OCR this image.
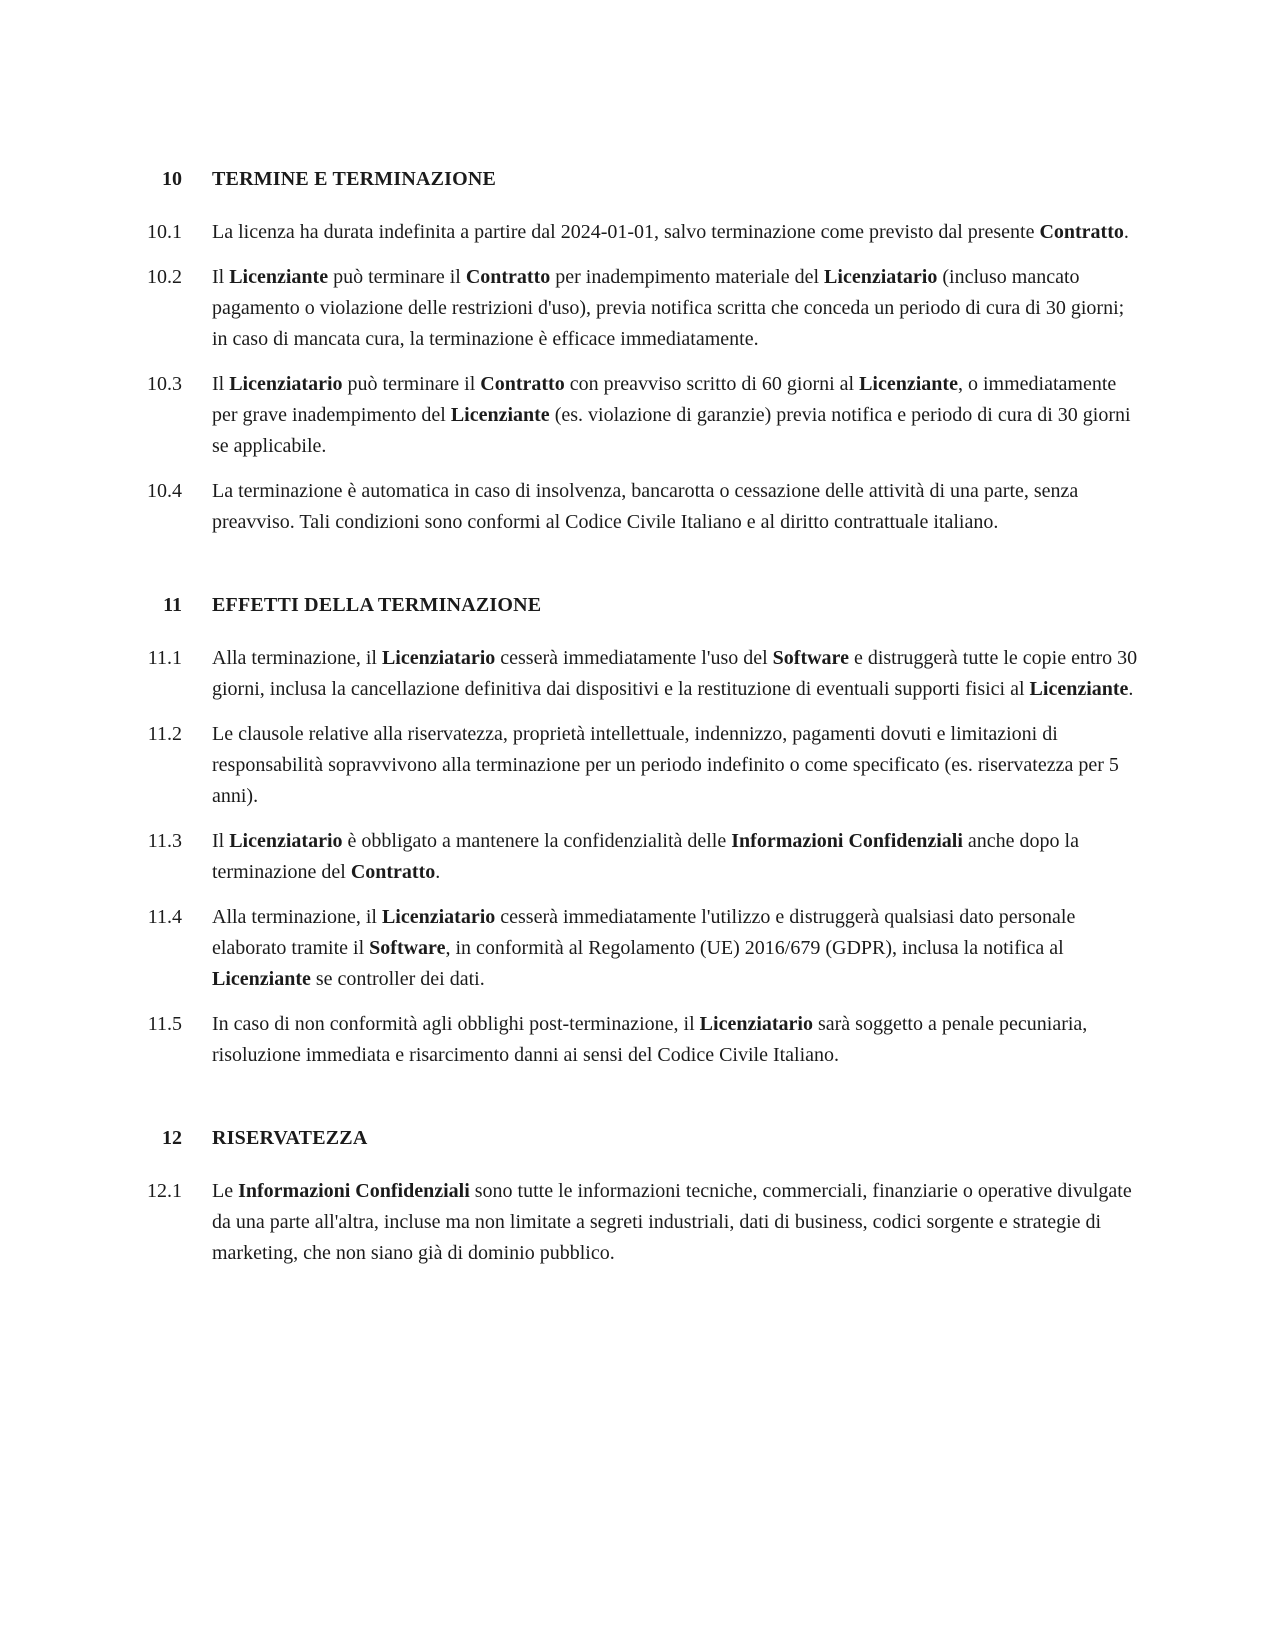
10 TERMINE E TERMINAZIONE
10.1 La licenza ha durata indefinita a partire dal 2024-01-01, salvo terminazione come previsto dal presente Contratto.

10.2 Il Licenziante può terminare il Contratto per inadempimento materiale del Licenziatario (incluso mancato pagamento o violazione delle restrizioni d'uso), previa notifica scritta che conceda un periodo di cura di 30 giorni; in caso di mancata cura, la terminazione è efficace immediatamente.

10.3 Il Licenziatario può terminare il Contratto con preavviso scritto di 60 giorni al Licenziante, o immediatamente per grave inadempimento del Licenziante (es. violazione di garanzie) previa notifica e periodo di cura di 30 giorni se applicabile.

10.4 La terminazione è automatica in caso di insolvenza, bancarotta o cessazione delle attività di una parte, senza preavviso. Tali condizioni sono conformi al Codice Civile Italiano e al diritto contrattuale italiano.

11 EFFETTI DELLA TERMINAZIONE
11.1 Alla terminazione, il Licenziatario cesserà immediatamente l'uso del Software e distruggerà tutte le copie entro 30 giorni, inclusa la cancellazione definitiva dai dispositivi e la restituzione di eventuali supporti fisici al Licenziante.

11.2 Le clausole relative alla riservatezza, proprietà intellettuale, indennizzo, pagamenti dovuti e limitazioni di responsabilità sopravvivono alla terminazione per un periodo indefinito o come specificato (es. riservatezza per 5 anni).

11.3 Il Licenziatario è obbligato a mantenere la confidenzialità delle Informazioni Confidenziali anche dopo la terminazione del Contratto.

11.4 Alla terminazione, il Licenziatario cesserà immediatamente l'utilizzo e distruggerà qualsiasi dato personale elaborato tramite il Software, in conformità al Regolamento (UE) 2016/679 (GDPR), inclusa la notifica al Licenziante se controller dei dati.

11.5 In caso di non conformità agli obblighi post-terminazione, il Licenziatario sarà soggetto a penale pecuniaria, risoluzione immediata e risarcimento danni ai sensi del Codice Civile Italiano.

12 RISERVATEZZA
12.1 Le Informazioni Confidenziali sono tutte le informazioni tecniche, commerciali, finanziarie o operative divulgate da una parte all'altra, incluse ma non limitate a segreti industriali, dati di business, codici sorgente e strategie di marketing, che non siano già di dominio pubblico.
